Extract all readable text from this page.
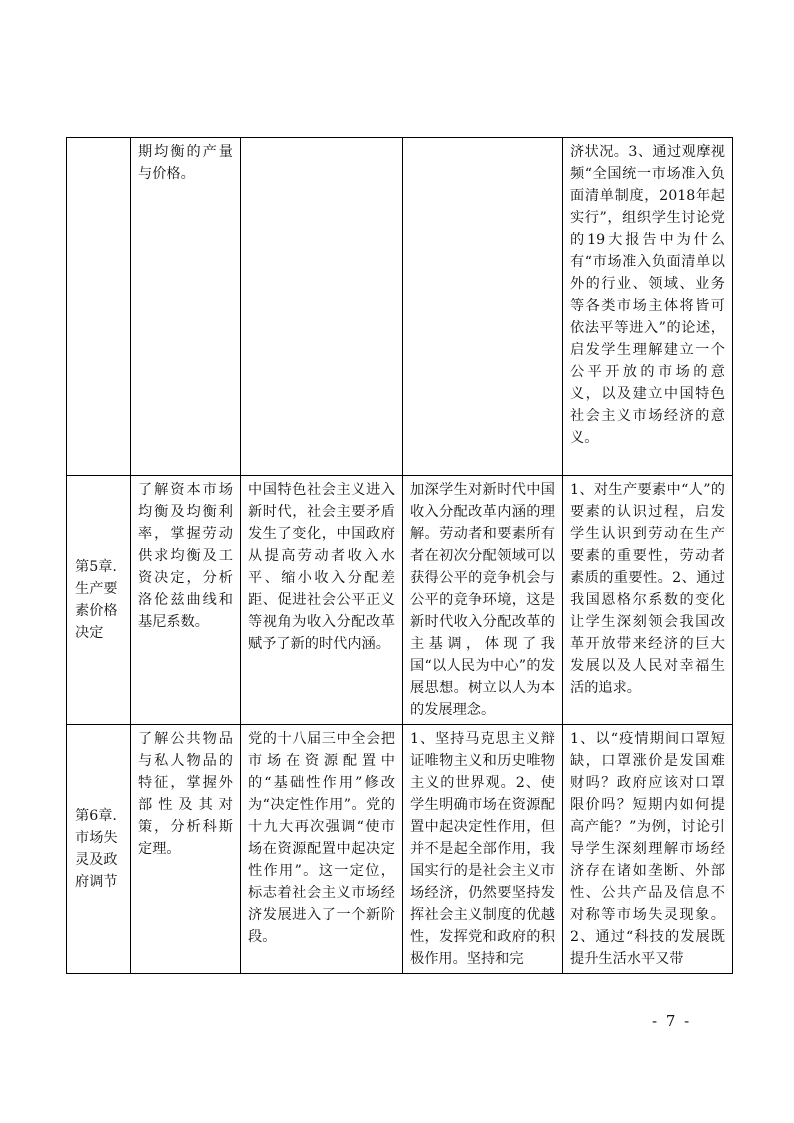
	期均衡的产量与价格。			济状况。3、通过观摩视频“全国统一市场准入负面清单制度，2018年起实行”，组织学生讨论党的19大报告中为什么有“市场准入负面清单以外的行业、领域、业务等各类市场主体将皆可依法平等进入”的论述，启发学生理解建立一个公平开放的市场的意义，以及建立中国特色社会主义市场经济的意义。
第5章.生产要素价格决定	了解资本市场均衡及均衡利率，掌握劳动供求均衡及工资决定，分析洛伦兹曲线和基尼系数。	中国特色社会主义进入新时代，社会主要矛盾发生了变化，中国政府从提高劳动者收入水平、缩小收入分配差距、促进社会公平正义等视角为收入分配改革赋予了新的时代内涵。	加深学生对新时代中国收入分配改革内涵的理解。劳动者和要素所有者在初次分配领域可以获得公平的竞争机会与公平的竞争环境，这是新时代收入分配改革的主基调，体现了我国“以人民为中心”的发展思想。树立以人为本的发展理念。	1、对生产要素中“人”的要素的认识过程，启发学生认识到劳动在生产要素的重要性，劳动者素质的重要性。2、通过我国恩格尔系数的变化让学生深刻领会我国改革开放带来经济的巨大发展以及人民对幸福生活的追求。
第6章.市场失灵及政府调节	了解公共物品与私人物品的特征，掌握外部性及其对策，分析科斯定理。	党的十八届三中全会把市场在资源配置中的“基础性作用”修改为“决定性作用”。党的十九大再次强调“使市场在资源配置中起决定性作用”。这一定位，标志着社会主义市场经济发展进入了一个新阶段。	1、坚持马克思主义辩证唯物主义和历史唯物主义的世界观。2、使学生明确市场在资源配置中起决定性作用，但并不是起全部作用，我国实行的是社会主义市场经济，仍然要坚持发挥社会主义制度的优越性，发挥党和政府的积极作用。坚持和完	1、以“疫情期间口罩短缺，口罩涨价是发国难财吗？政府应该对口罩限价吗？短期内如何提高产能？”为例，讨论引导学生深刻理解市场经济存在诸如垄断、外部性、公共产品及信息不对称等市场失灵现象。2、通过“科技的发展既提升生活水平又带
- 7 -
